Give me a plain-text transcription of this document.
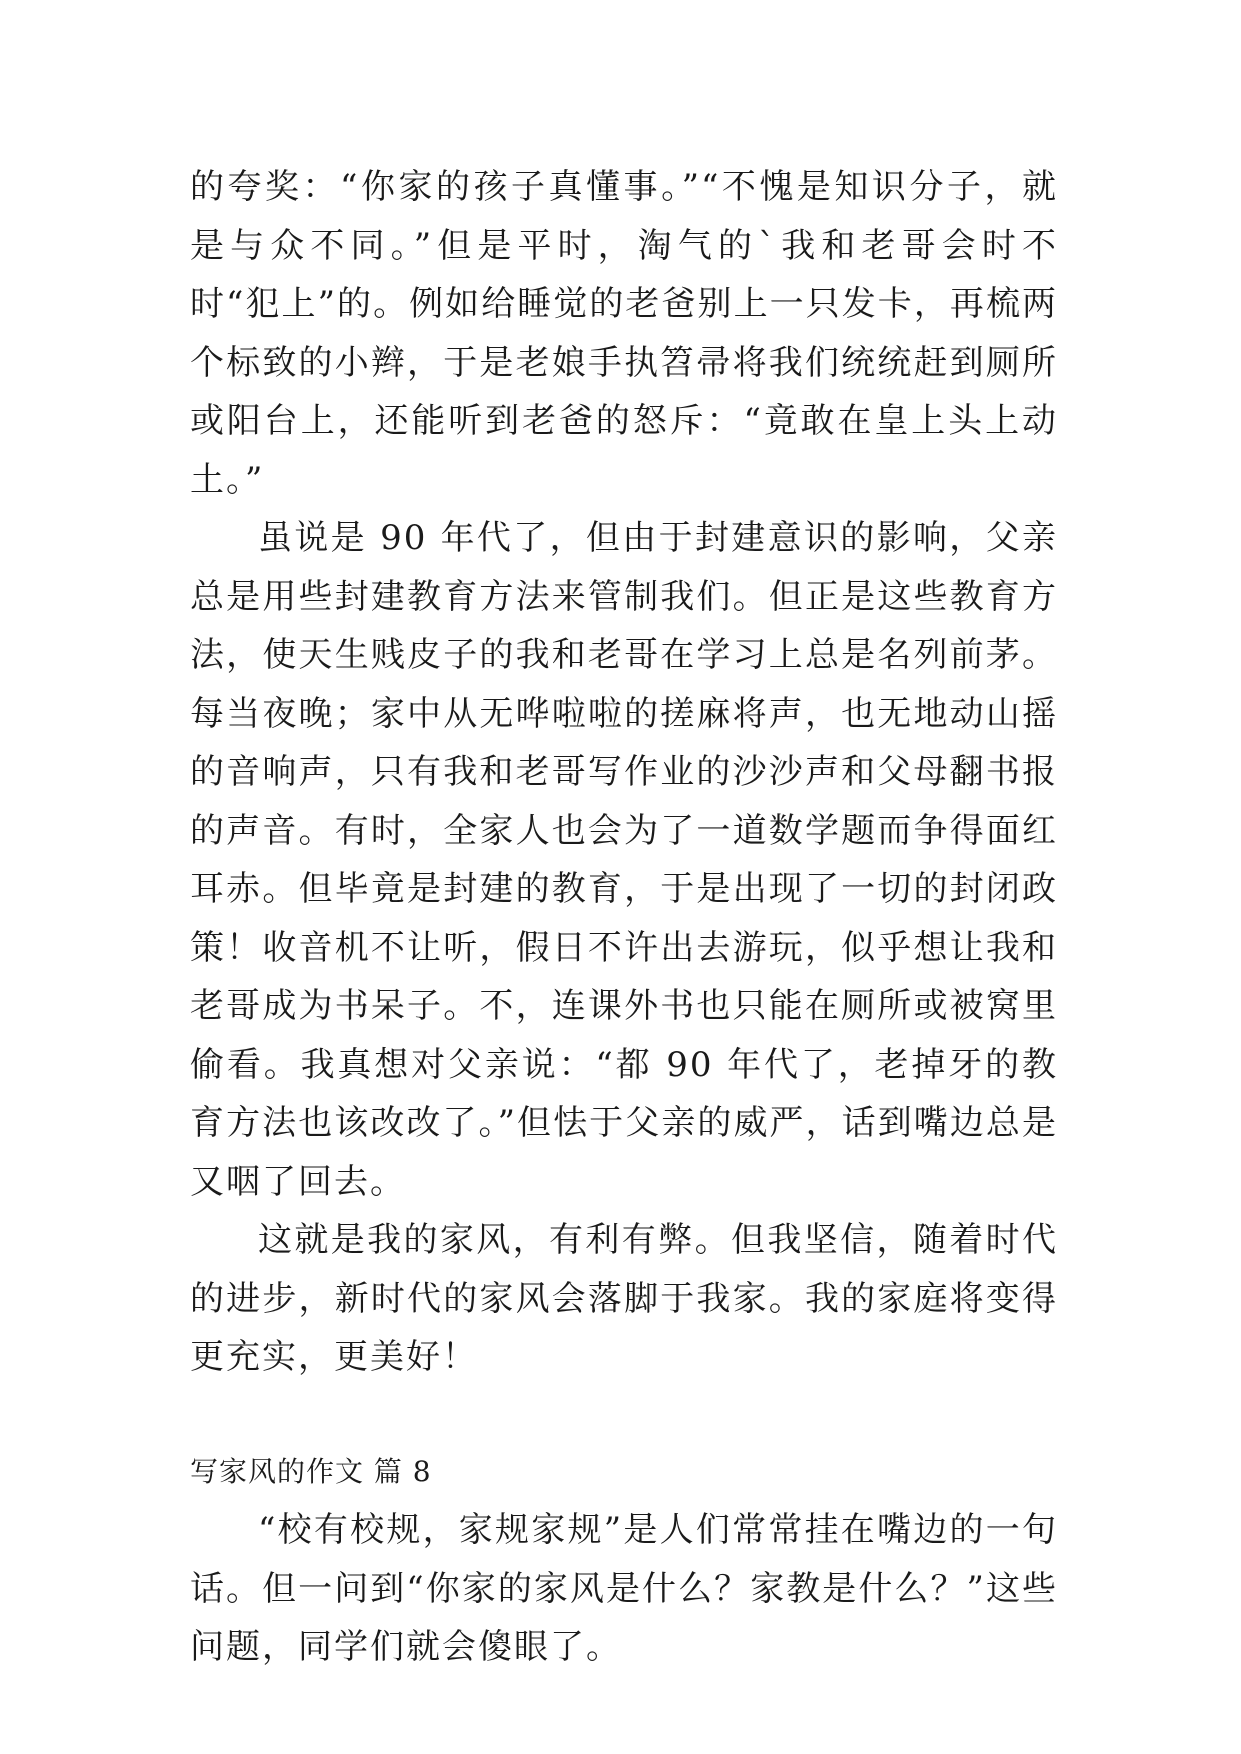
的夸奖：“你家的孩子真懂事。”“不愧是知识分子，就是与众不同。”但是平时，淘气的`我和老哥会时不时“犯上”的。例如给睡觉的老爸别上一只发卡，再梳两个标致的小辫，于是老娘手执笤帚将我们统统赶到厕所或阳台上，还能听到老爸的怒斥：“竟敢在皇上头上动土。”

虽说是 90 年代了，但由于封建意识的影响，父亲总是用些封建教育方法来管制我们。但正是这些教育方法，使天生贱皮子的我和老哥在学习上总是名列前茅。每当夜晚；家中从无哗啦啦的搓麻将声，也无地动山摇的音响声，只有我和老哥写作业的沙沙声和父母翻书报的声音。有时，全家人也会为了一道数学题而争得面红耳赤。但毕竟是封建的教育，于是出现了一切的封闭政策！收音机不让听，假日不许出去游玩，似乎想让我和老哥成为书呆子。不，连课外书也只能在厕所或被窝里偷看。我真想对父亲说：“都 90 年代了，老掉牙的教育方法也该改改了。”但怯于父亲的威严，话到嘴边总是又咽了回去。

这就是我的家风，有利有弊。但我坚信，随着时代的进步，新时代的家风会落脚于我家。我的家庭将变得更充实，更美好！

写家风的作文 篇 8

“校有校规，家规家规”是人们常常挂在嘴边的一句话。但一问到“你家的家风是什么？家教是什么？”这些问题，同学们就会傻眼了。
